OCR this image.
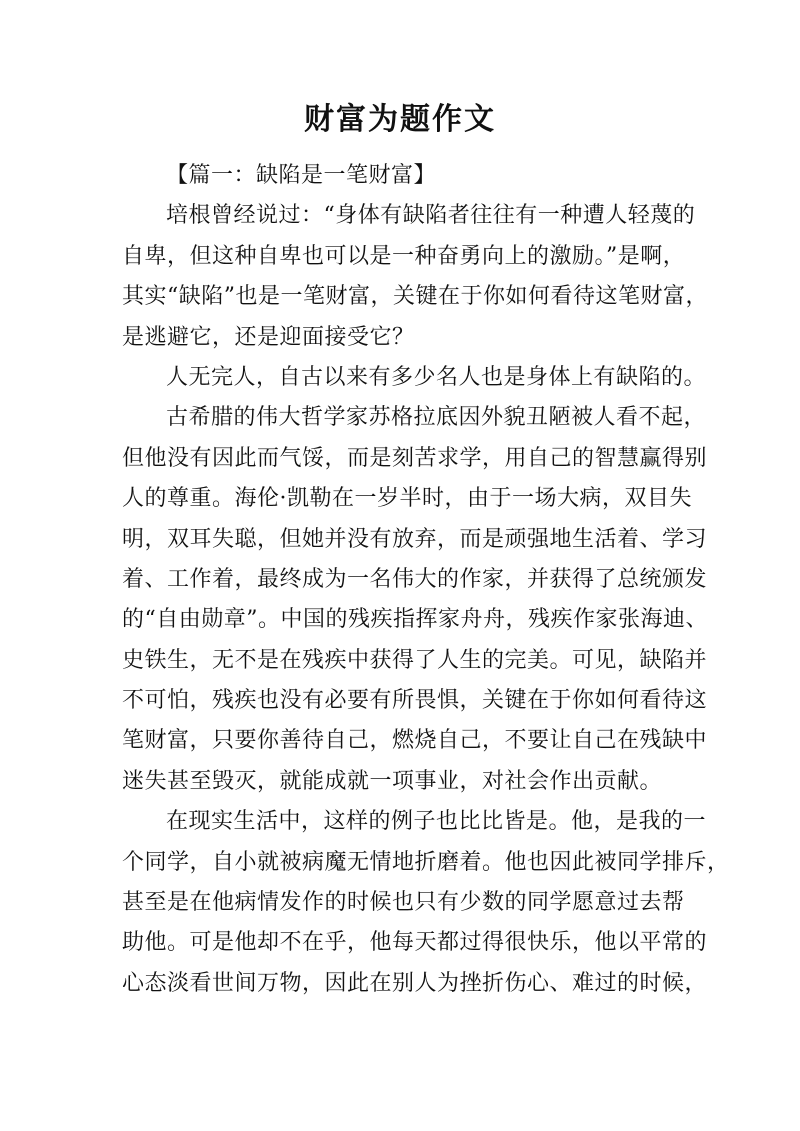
财富为题作文
【篇一：缺陷是一笔财富】
培根曾经说过：“身体有缺陷者往往有一种遭人轻蔑的
自卑，但这种自卑也可以是一种奋勇向上的激励。”是啊，
其实“缺陷”也是一笔财富，关键在于你如何看待这笔财富，
是逃避它，还是迎面接受它？
人无完人，自古以来有多少名人也是身体上有缺陷的。
古希腊的伟大哲学家苏格拉底因外貌丑陋被人看不起，
但他没有因此而气馁，而是刻苦求学，用自己的智慧赢得别
人的尊重。海伦·凯勒在一岁半时，由于一场大病，双目失
明，双耳失聪，但她并没有放弃，而是顽强地生活着、学习
着、工作着，最终成为一名伟大的作家，并获得了总统颁发
的“自由勋章”。中国的残疾指挥家舟舟，残疾作家张海迪、
史铁生，无不是在残疾中获得了人生的完美。可见，缺陷并
不可怕，残疾也没有必要有所畏惧，关键在于你如何看待这
笔财富，只要你善待自己，燃烧自己，不要让自己在残缺中
迷失甚至毁灭，就能成就一项事业，对社会作出贡献。
在现实生活中，这样的例子也比比皆是。他，是我的一
个同学，自小就被病魔无情地折磨着。他也因此被同学排斥，
甚至是在他病情发作的时候也只有少数的同学愿意过去帮
助他。可是他却不在乎，他每天都过得很快乐，他以平常的
心态淡看世间万物，因此在别人为挫折伤心、难过的时候，
